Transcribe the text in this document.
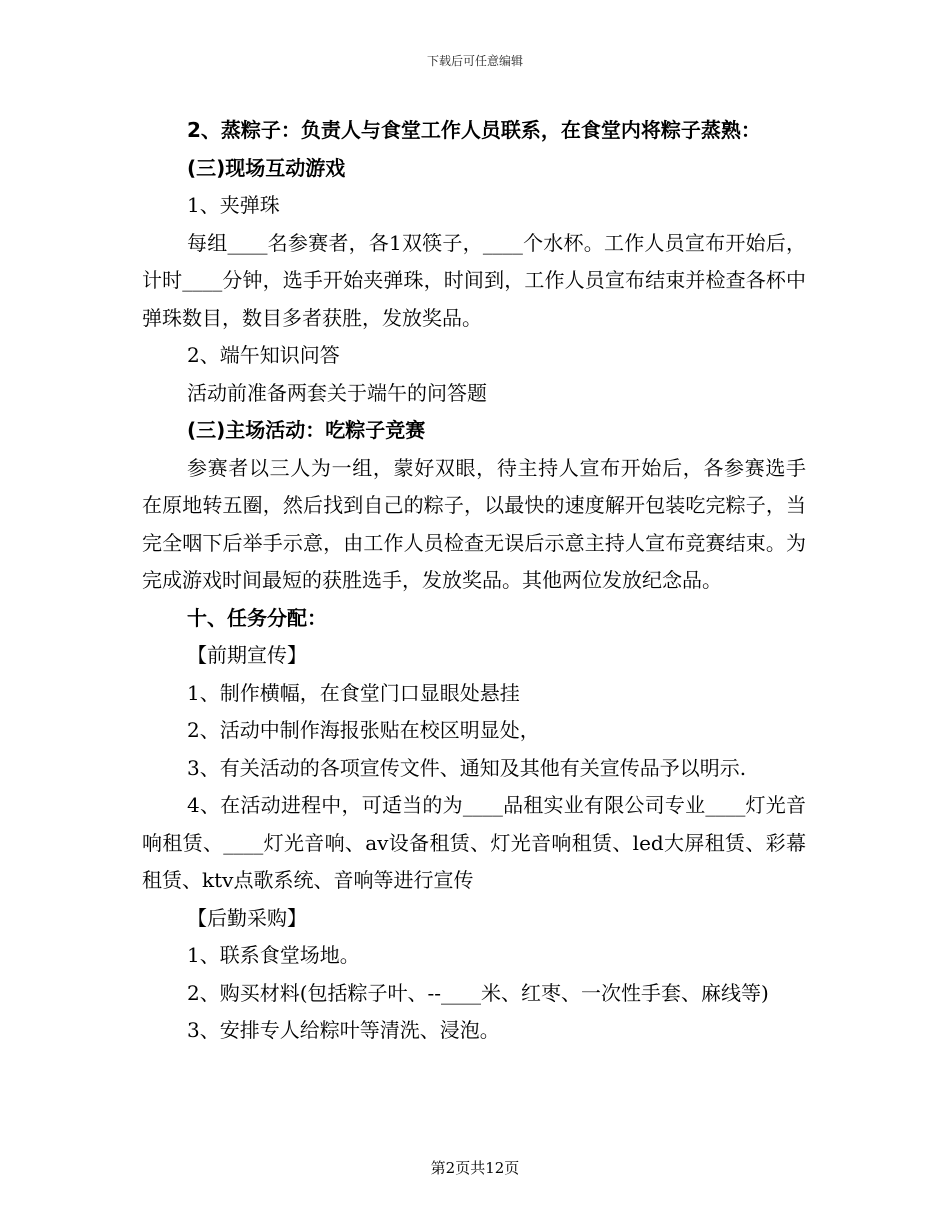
下载后可任意编辑

2、蒸粽子：负责人与食堂工作人员联系，在食堂内将粽子蒸熟：

(三)现场互动游戏

1、夹弹珠

每组____名参赛者，各1双筷子，____个水杯。工作人员宣布开始后，计时____分钟，选手开始夹弹珠，时间到，工作人员宣布结束并检查各杯中弹珠数目，数目多者获胜，发放奖品。

2、端午知识问答

活动前准备两套关于端午的问答题

(三)主场活动：吃粽子竞赛

参赛者以三人为一组，蒙好双眼，待主持人宣布开始后，各参赛选手在原地转五圈，然后找到自己的粽子，以最快的速度解开包装吃完粽子，当完全咽下后举手示意，由工作人员检查无误后示意主持人宣布竞赛结束。为完成游戏时间最短的获胜选手，发放奖品。其他两位发放纪念品。

十、任务分配：

【前期宣传】

1、制作横幅，在食堂门口显眼处悬挂

2、活动中制作海报张贴在校区明显处，

3、有关活动的各项宣传文件、通知及其他有关宣传品予以明示.

4、在活动进程中，可适当的为____品租实业有限公司专业____灯光音响租赁、____灯光音响、av设备租赁、灯光音响租赁、led大屏租赁、彩幕租赁、ktv点歌系统、音响等进行宣传

【后勤采购】

1、联系食堂场地。

2、购买材料(包括粽子叶、--____米、红枣、一次性手套、麻线等)

3、安排专人给粽叶等清洗、浸泡。

第2页共12页
